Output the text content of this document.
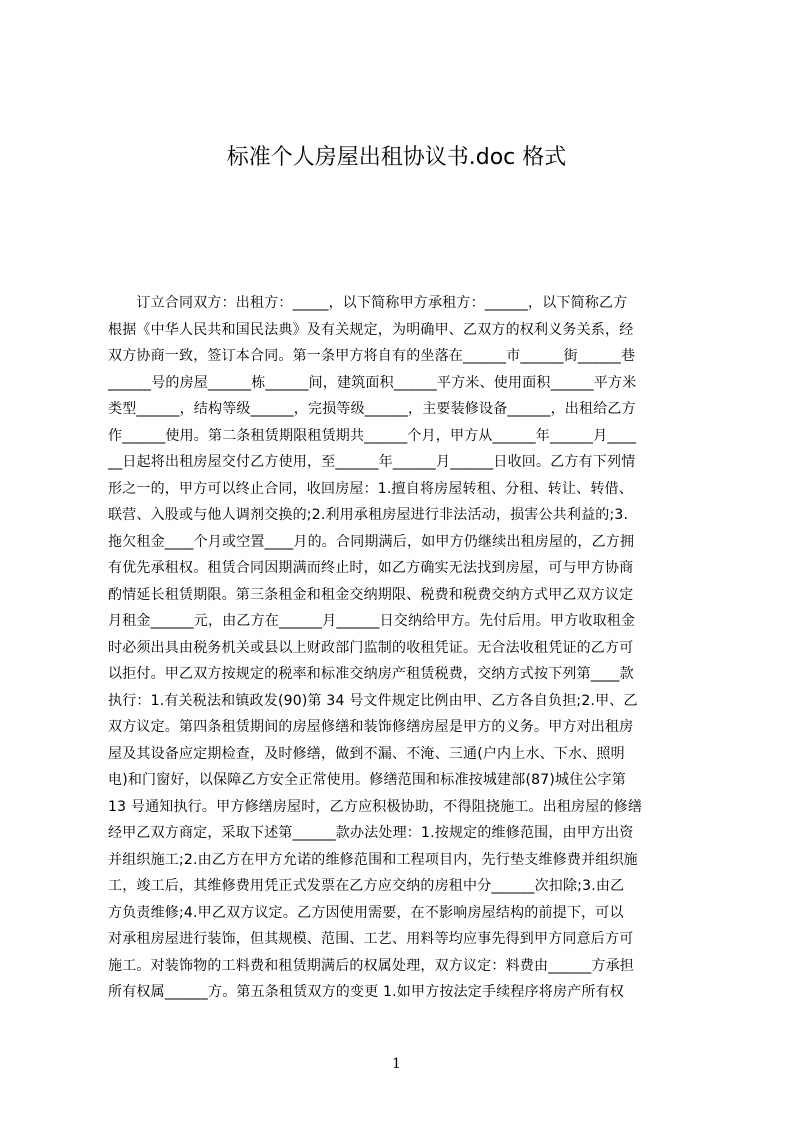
标准个人房屋出租协议书.doc 格式
　　订立合同双方：出租方：_____，以下简称甲方承租方：______，以下简称乙方
根据《中华人民共和国民法典》及有关规定，为明确甲、乙双方的权利义务关系，经
双方协商一致，签订本合同。第一条甲方将自有的坐落在______市______街______巷
______号的房屋______栋______间，建筑面积______平方米、使用面积______平方米
类型______，结构等级______，完损等级______，主要装修设备______，出租给乙方
作______使用。第二条租赁期限租赁期共______个月，甲方从______年______月____
__日起将出租房屋交付乙方使用，至______年______月______日收回。乙方有下列情
形之一的，甲方可以终止合同，收回房屋：1.擅自将房屋转租、分租、转让、转借、
联营、入股或与他人调剂交换的;2.利用承租房屋进行非法活动，损害公共利益的;3.
拖欠租金____个月或空置____月的。合同期满后，如甲方仍继续出租房屋的，乙方拥
有优先承租权。租赁合同因期满而终止时，如乙方确实无法找到房屋，可与甲方协商
酌情延长租赁期限。第三条租金和租金交纳期限、税费和税费交纳方式甲乙双方议定
月租金______元，由乙方在______月______日交纳给甲方。先付后用。甲方收取租金
时必须出具由税务机关或县以上财政部门监制的收租凭证。无合法收租凭证的乙方可
以拒付。甲乙双方按规定的税率和标准交纳房产租赁税费，交纳方式按下列第____款
执行：1.有关税法和镇政发(90)第 34 号文件规定比例由甲、乙方各自负担;2.甲、乙
双方议定。第四条租赁期间的房屋修缮和装饰修缮房屋是甲方的义务。甲方对出租房
屋及其设备应定期检查，及时修缮，做到不漏、不淹、三通(户内上水、下水、照明
电)和门窗好，以保障乙方安全正常使用。修缮范围和标准按城建部(87)城住公字第
13 号通知执行。甲方修缮房屋时，乙方应积极协助，不得阻挠施工。出租房屋的修缮
经甲乙双方商定，采取下述第______款办法处理：1.按规定的维修范围，由甲方出资
并组织施工;2.由乙方在甲方允诺的维修范围和工程项目内，先行垫支维修费并组织施
工，竣工后，其维修费用凭正式发票在乙方应交纳的房租中分______次扣除;3.由乙
方负责维修;4.甲乙双方议定。乙方因使用需要，在不影响房屋结构的前提下，可以
对承租房屋进行装饰，但其规模、范围、工艺、用料等均应事先得到甲方同意后方可
施工。对装饰物的工料费和租赁期满后的权属处理，双方议定：料费由______方承担
所有权属______方。第五条租赁双方的变更 1.如甲方按法定手续程序将房产所有权
1
